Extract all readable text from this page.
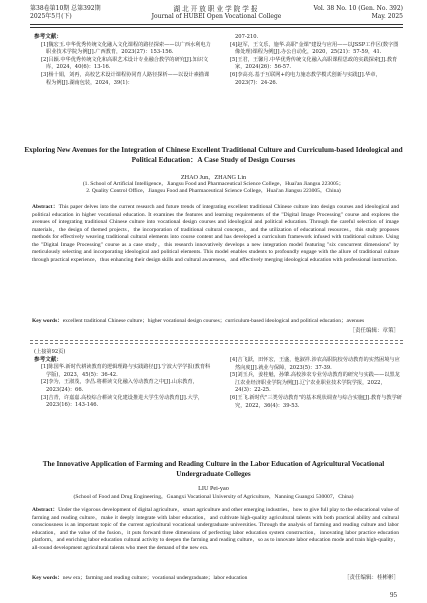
第38卷第10期 总第392期
2025年5月(下)
湖北开放职业学院学报
Journal of HUBEI Open Vocational College
Vol. 38 No. 10 (Gen. No. 392)
May. 2025
参考文献：
[1]魏宏玉.中华优秀传统文化融入文化课程的路径探索——以广西水利电力职业技术学院为例[J].广西教育，2023(27)：153-156.
[2]吕颖.中华优秀传统文化和高职艺术设计专业融合教学的研究[J].知识文库，2024，40(6)：13-16.
[3]杨十娟，刘再，高校艺术设计课程协同育人路径探析——以设计素描课程为例[J].湖南包装，2024，39(1)：
207-210.
[4]赵军，王文乐，施华.高职"金课"建设与应用——以JSSP工作区(数字图像处理)课程为例[J].办公自动化，2020，25(21)：57-59，41.
[5]王君，王馨月.中华优秀传统文化融入高职课程思政的实践探索[J].教育家，2024(26)：56-57.
[6]李高亮.基于互联网+的电力施态教学模式创新与实践[J].华章，2023(7)：24-26.
Exploring New Avenues for the Integration of Chinese Excellent Traditional Culture and Curriculum-based Ideological and Political Education：A Case Study of Design Courses
ZHAO Jun，ZHANG Lin
(1. School of Artificial Intelligence，Jiangsu Food and Pharmaceutical Science College，Huai'an Jiangsu 223005；
2. Quality Control Office，Jiangsu Food and Pharmaceutical Science College，Huai'an Jiangsu 223005，China)
Abstract：This paper delves into the current research and future trends of integrating excellent traditional Chinese culture into design courses and ideological and political education in higher vocational education. It examines the features and learning requirements of the "Digital Image Processing" course and explores the avenues of integrating traditional Chinese culture into vocational design courses and ideological and political education. Through the careful selection of image materials，the design of themed projects，the incorporation of traditional cultural concepts，and the utilization of educational resources，this study proposes methods for effectively weaving traditional cultural elements into course content and has developed a curriculum framework infused with traditional culture. Using the "Digital Image Processing" course as a case study，this research innovatively develops a new integration model featuring "six concurrent dimensions" by meticulously selecting and incorporating ideological and political elements. This model enables students to profoundly engage with the allure of traditional culture through practical experience，thus enhancing their design skills and cultural awareness，and effectively merging ideological education with professional instruction.
Key words：excellent traditional Chinese culture；higher vocational design courses；curriculum-based ideological and political education；avenues
［责任编辑：章策］
(上接第92页)
参考文献：
[1]陈国华.新时代耕读教育的逻辑理路与实践路径[J].宁波大学学报(教育科学版)，2023，45(5)：36-42.
[2]李为，王淑茂，李昌.将耕读文化融入劳动教育之中[J].山东教育，2023(24)：66.
[3]吉青，许嘉嘉.高校综合耕读文化建设推进大学生劳动教育[J].大学，2023(16)：143-146.
[4]吉飞跃，田怀宏，王盛，他淑祥.涉农高职院校劳动教育的实然困境与应然向度[J].就业与保障，2023(5)：37-39.
[5]刘玉兵，姜桂魁，孙肇.高校涉农专业劳动教育的研究与实践——以黑龙江农业经济职业学院为例[J].辽宁农业职业技术学院学报，2022，24(3)：22-25.
[6]王飞.新时代"三类劳动教育"的基本现状调查与综合实施[J].教育与教学研究，2022，36(4)：39-53.
The Innovative Application of Farming and Reading Culture in the Labor Education of Agricultural Vocational Undergraduate Colleges
LIU Pei-yao
(School of Food and Drug Engineering，Guangxi Vocational University of Agriculture，Nanning Guangxi 530007，China)
Abstract：Under the vigorous development of digital agriculture，smart agriculture and other emerging industries，how to give full play to the educational value of farming and reading culture，make it deeply integrate with labor education，and cultivate high-quality agricultural talents with both practical ability and cultural consciousness is an important topic of the current agricultural vocational undergraduate universities. Through the analysis of farming and reading culture and labor education，and the value of the fusion，it puts forward three dimensions of perfecting labor education system construction，innovating labor practice education platform，and enriching labor education cultural activity to deepen the farming and reading culture，so as to innovate labor education mode and train high-quality，all-round development agricultural talents who meet the demand of the new era.
［责任编辑：桂彬彬］
Key words：new era；farming and reading culture；vocational undergraduate；labor education
95
